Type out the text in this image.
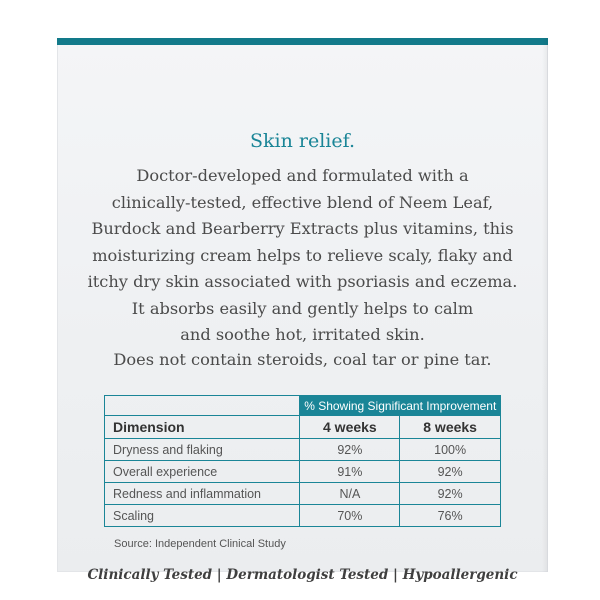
Skin relief.

Doctor-developed and formulated with a
clinically-tested, effective blend of Neem Leaf,
Burdock and Bearberry Extracts plus vitamins, this
moisturizing cream helps to relieve scaly, flaky and
itchy dry skin associated with psoriasis and eczema.
It absorbs easily and gently helps to calm
and soothe hot, irritated skin.

Does not contain steroids, coal tar or pine tar.
	% Showing Significant Improvement	
Dimension	4 weeks	8 weeks
Dryness and flaking	92%	100%
Overall experience	91%	92%
Redness and inflammation	N/A	92%
Scaling	70%	76%
Source: Independent Clinical Study
Clinically Tested | Dermatologist Tested | Hypoallergenic
